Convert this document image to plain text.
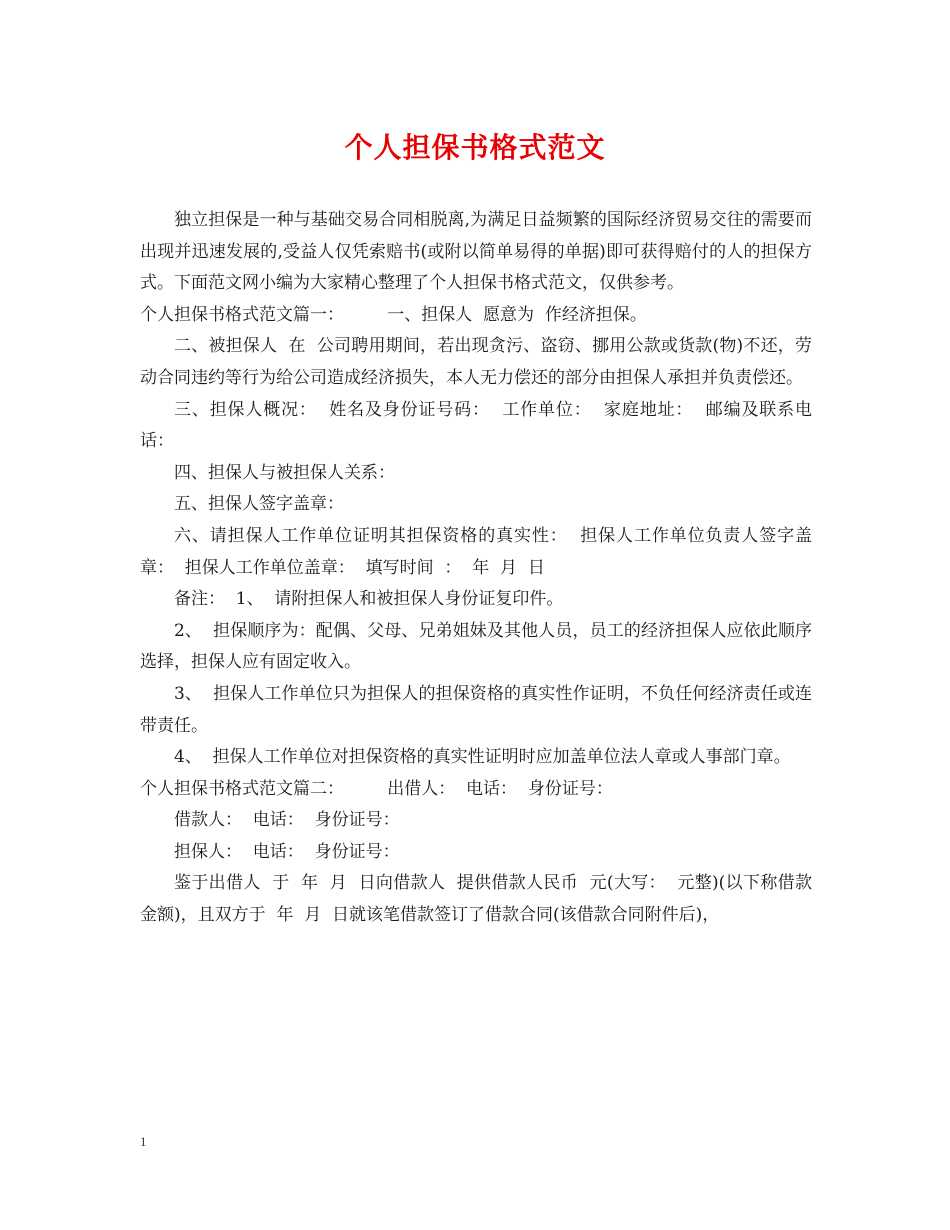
个人担保书格式范文

独立担保是一种与基础交易合同相脱离,为满足日益频繁的国际经济贸易交往的需要而出现并迅速发展的,受益人仅凭索赔书(或附以简单易得的单据)即可获得赔付的人的担保方式。下面范文网小编为大家精心整理了个人担保书格式范文，仅供参考。

个人担保书格式范文篇一：        一、担保人  愿意为  作经济担保。

二、被担保人  在  公司聘用期间，若出现贪污、盗窃、挪用公款或货款(物)不还，劳动合同违约等行为给公司造成经济损失，本人无力偿还的部分由担保人承担并负责偿还。

三、担保人概况：  姓名及身份证号码：  工作单位：  家庭地址：  邮编及联系电话：

四、担保人与被担保人关系：

五、担保人签字盖章：

六、请担保人工作单位证明其担保资格的真实性：  担保人工作单位负责人签字盖章：  担保人工作单位盖章：  填写时间  ：  年  月  日

备注：  1、  请附担保人和被担保人身份证复印件。

2、  担保顺序为：配偶、父母、兄弟姐妹及其他人员，员工的经济担保人应依此顺序选择，担保人应有固定收入。

3、  担保人工作单位只为担保人的担保资格的真实性作证明，不负任何经济责任或连带责任。

4、  担保人工作单位对担保资格的真实性证明时应加盖单位法人章或人事部门章。

个人担保书格式范文篇二：        出借人：  电话：  身份证号：

借款人：  电话：  身份证号：

担保人：  电话：  身份证号：

鉴于出借人  于  年  月  日向借款人  提供借款人民币  元(大写：  元整)(以下称借款金额)，且双方于  年  月  日就该笔借款签订了借款合同(该借款合同附件后)，

1
